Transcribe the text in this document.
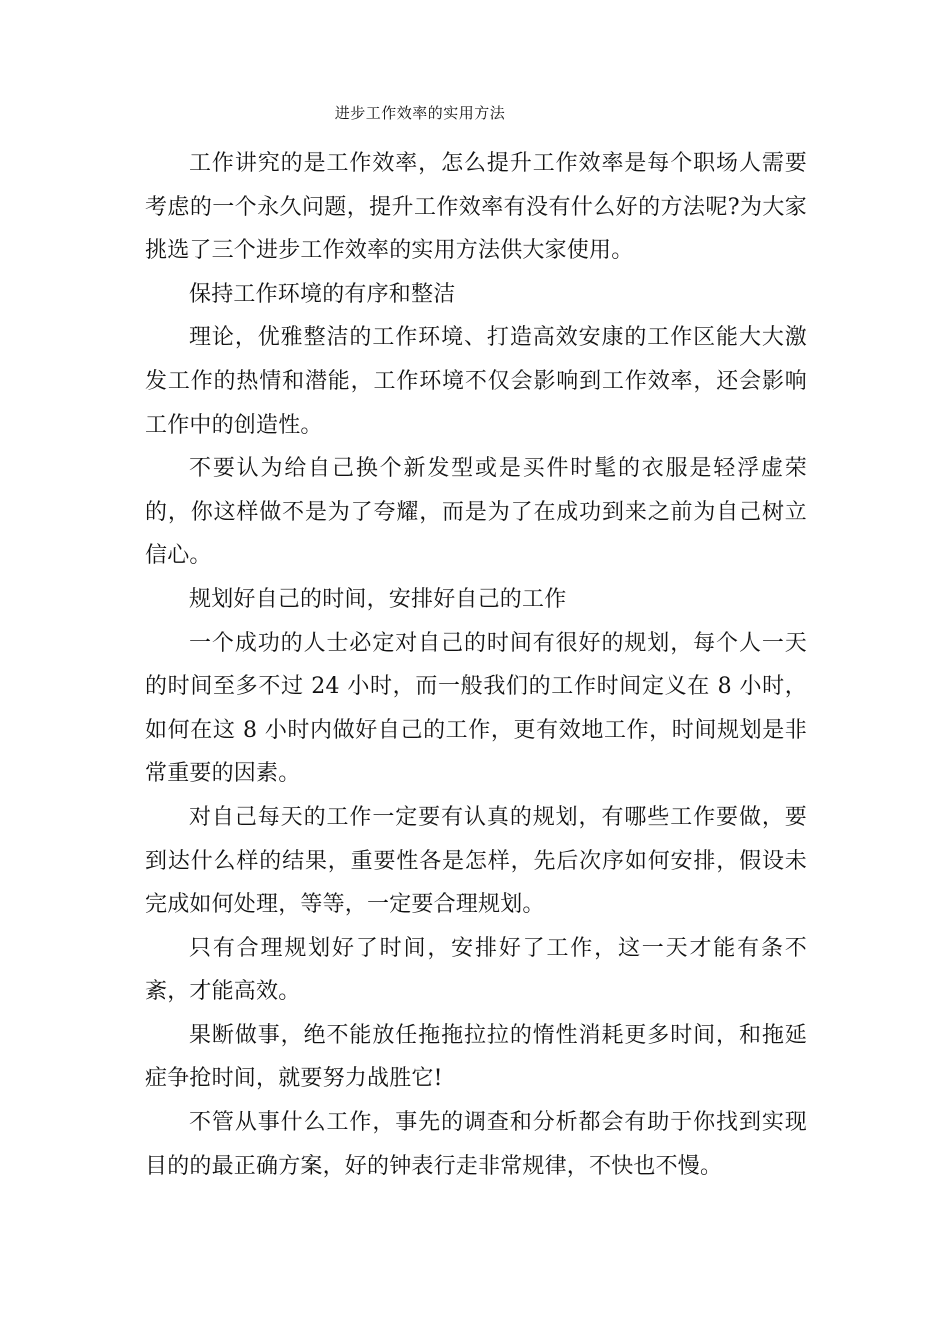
进步工作效率的实用方法

工作讲究的是工作效率，怎么提升工作效率是每个职场人需要考虑的一个永久问题，提升工作效率有没有什么好的方法呢?为大家挑选了三个进步工作效率的实用方法供大家使用。

保持工作环境的有序和整洁

理论，优雅整洁的工作环境、打造高效安康的工作区能大大激发工作的热情和潜能，工作环境不仅会影响到工作效率，还会影响工作中的创造性。

不要认为给自己换个新发型或是买件时髦的衣服是轻浮虚荣的，你这样做不是为了夸耀，而是为了在成功到来之前为自己树立信心。

规划好自己的时间，安排好自己的工作

一个成功的人士必定对自己的时间有很好的规划，每个人一天的时间至多不过 24 小时，而一般我们的工作时间定义在 8 小时，如何在这 8 小时内做好自己的工作，更有效地工作，时间规划是非常重要的因素。

对自己每天的工作一定要有认真的规划，有哪些工作要做，要到达什么样的结果，重要性各是怎样，先后次序如何安排，假设未完成如何处理，等等，一定要合理规划。

只有合理规划好了时间，安排好了工作，这一天才能有条不紊，才能高效。

果断做事，绝不能放任拖拖拉拉的惰性消耗更多时间，和拖延症争抢时间，就要努力战胜它!

不管从事什么工作，事先的调查和分析都会有助于你找到实现目的的最正确方案，好的钟表行走非常规律，不快也不慢。
